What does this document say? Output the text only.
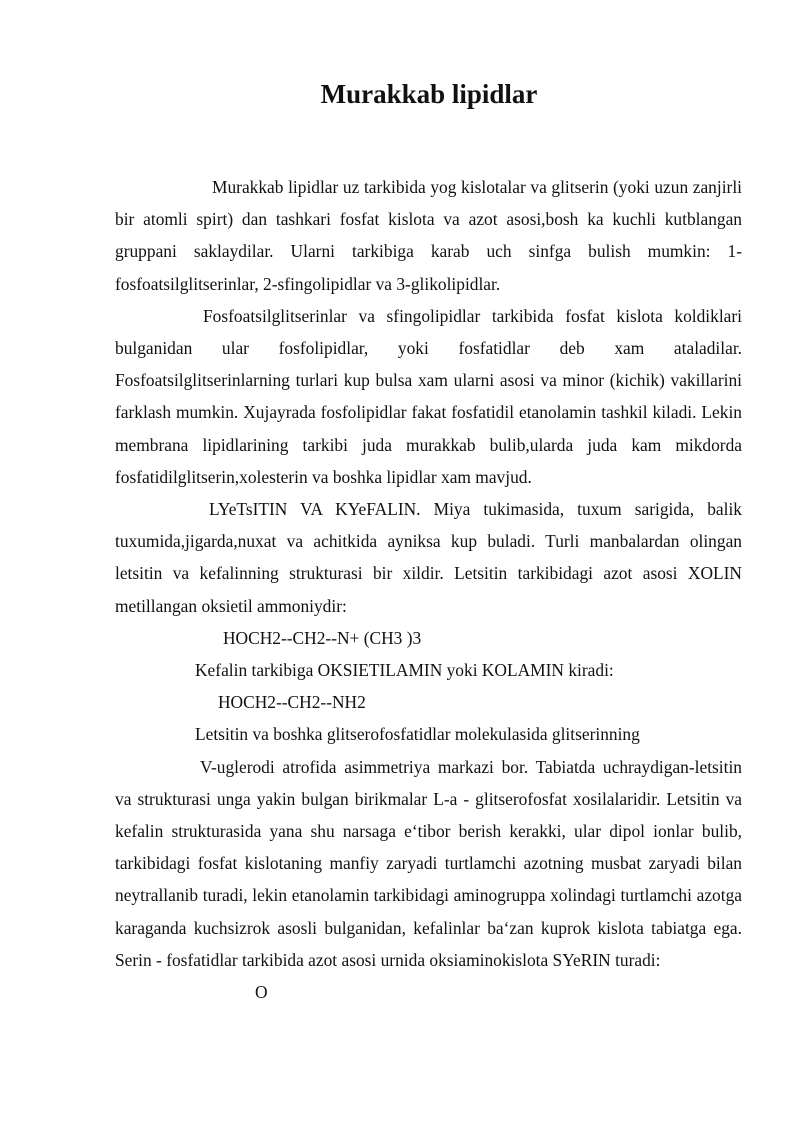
Murakkab lipidlar

Murakkab lipidlar uz tarkibida yog kislotalar va glitserin (yoki uzun zanjirli bir atomli spirt) dan tashkari fosfat kislota va azot asosi,bosh ka kuchli kutblangan gruppani saklaydilar. Ularni tarkibiga karab uch sinfga bulish mumkin: 1-fosfoatsilglitserinlar, 2-sfingolipidlar va 3-glikolipidlar.

Fosfoatsilglitserinlar va sfingolipidlar tarkibida fosfat kislota koldiklari bulganidan ular fosfolipidlar, yoki fosfatidlar deb xam ataladilar. Fosfoatsilglitserinlarning turlari kup bulsa xam ularni asosi va minor (kichik) vakillarini farklash mumkin. Xujayrada fosfolipidlar fakat fosfatidil etanolamin tashkil kiladi. Lekin membrana lipidlarining tarkibi juda murakkab bulib,ularda juda kam mikdorda fosfatidilglitserin,xolesterin va boshka lipidlar xam mavjud.

LYeTsITIN VA KYeFALIN. Miya tukimasida, tuxum sarigida, balik tuxumida,jigarda,nuxat va achitkida ayniksa kup buladi. Turli manbalardan olingan letsitin va kefalinning strukturasi bir xildir. Letsitin tarkibidagi azot asosi XOLIN metillangan oksietil ammoniydir:

HOCH2--CH2--N+ (CH3 )3

Kefalin tarkibiga OKSIETILAMIN yoki KOLAMIN kiradi:

HOCH2--CH2--NH2

Letsitin va boshka glitserofosfatidlar molekulasida glitserinning

V-uglerodi atrofida asimmetriya markazi bor. Tabiatda uchraydigan-letsitin va strukturasi unga yakin bulgan birikmalar L-a - glitserofosfat xosilalaridir. Letsitin va kefalin strukturasida yana shu narsaga e‘tibor berish kerakki, ular dipol ionlar bulib, tarkibidagi fosfat kislotaning manfiy zaryadi turtlamchi azotning musbat zaryadi bilan neytrallanib turadi, lekin etanolamin tarkibidagi aminogruppa xolindagi turtlamchi azotga karaganda kuchsizrok asosli bulganidan, kefalinlar ba‘zan kuprok kislota tabiatga ega. Serin - fosfatidlar tarkibida azot asosi urnida oksiaminokislota SYeRIN turadi:

O
